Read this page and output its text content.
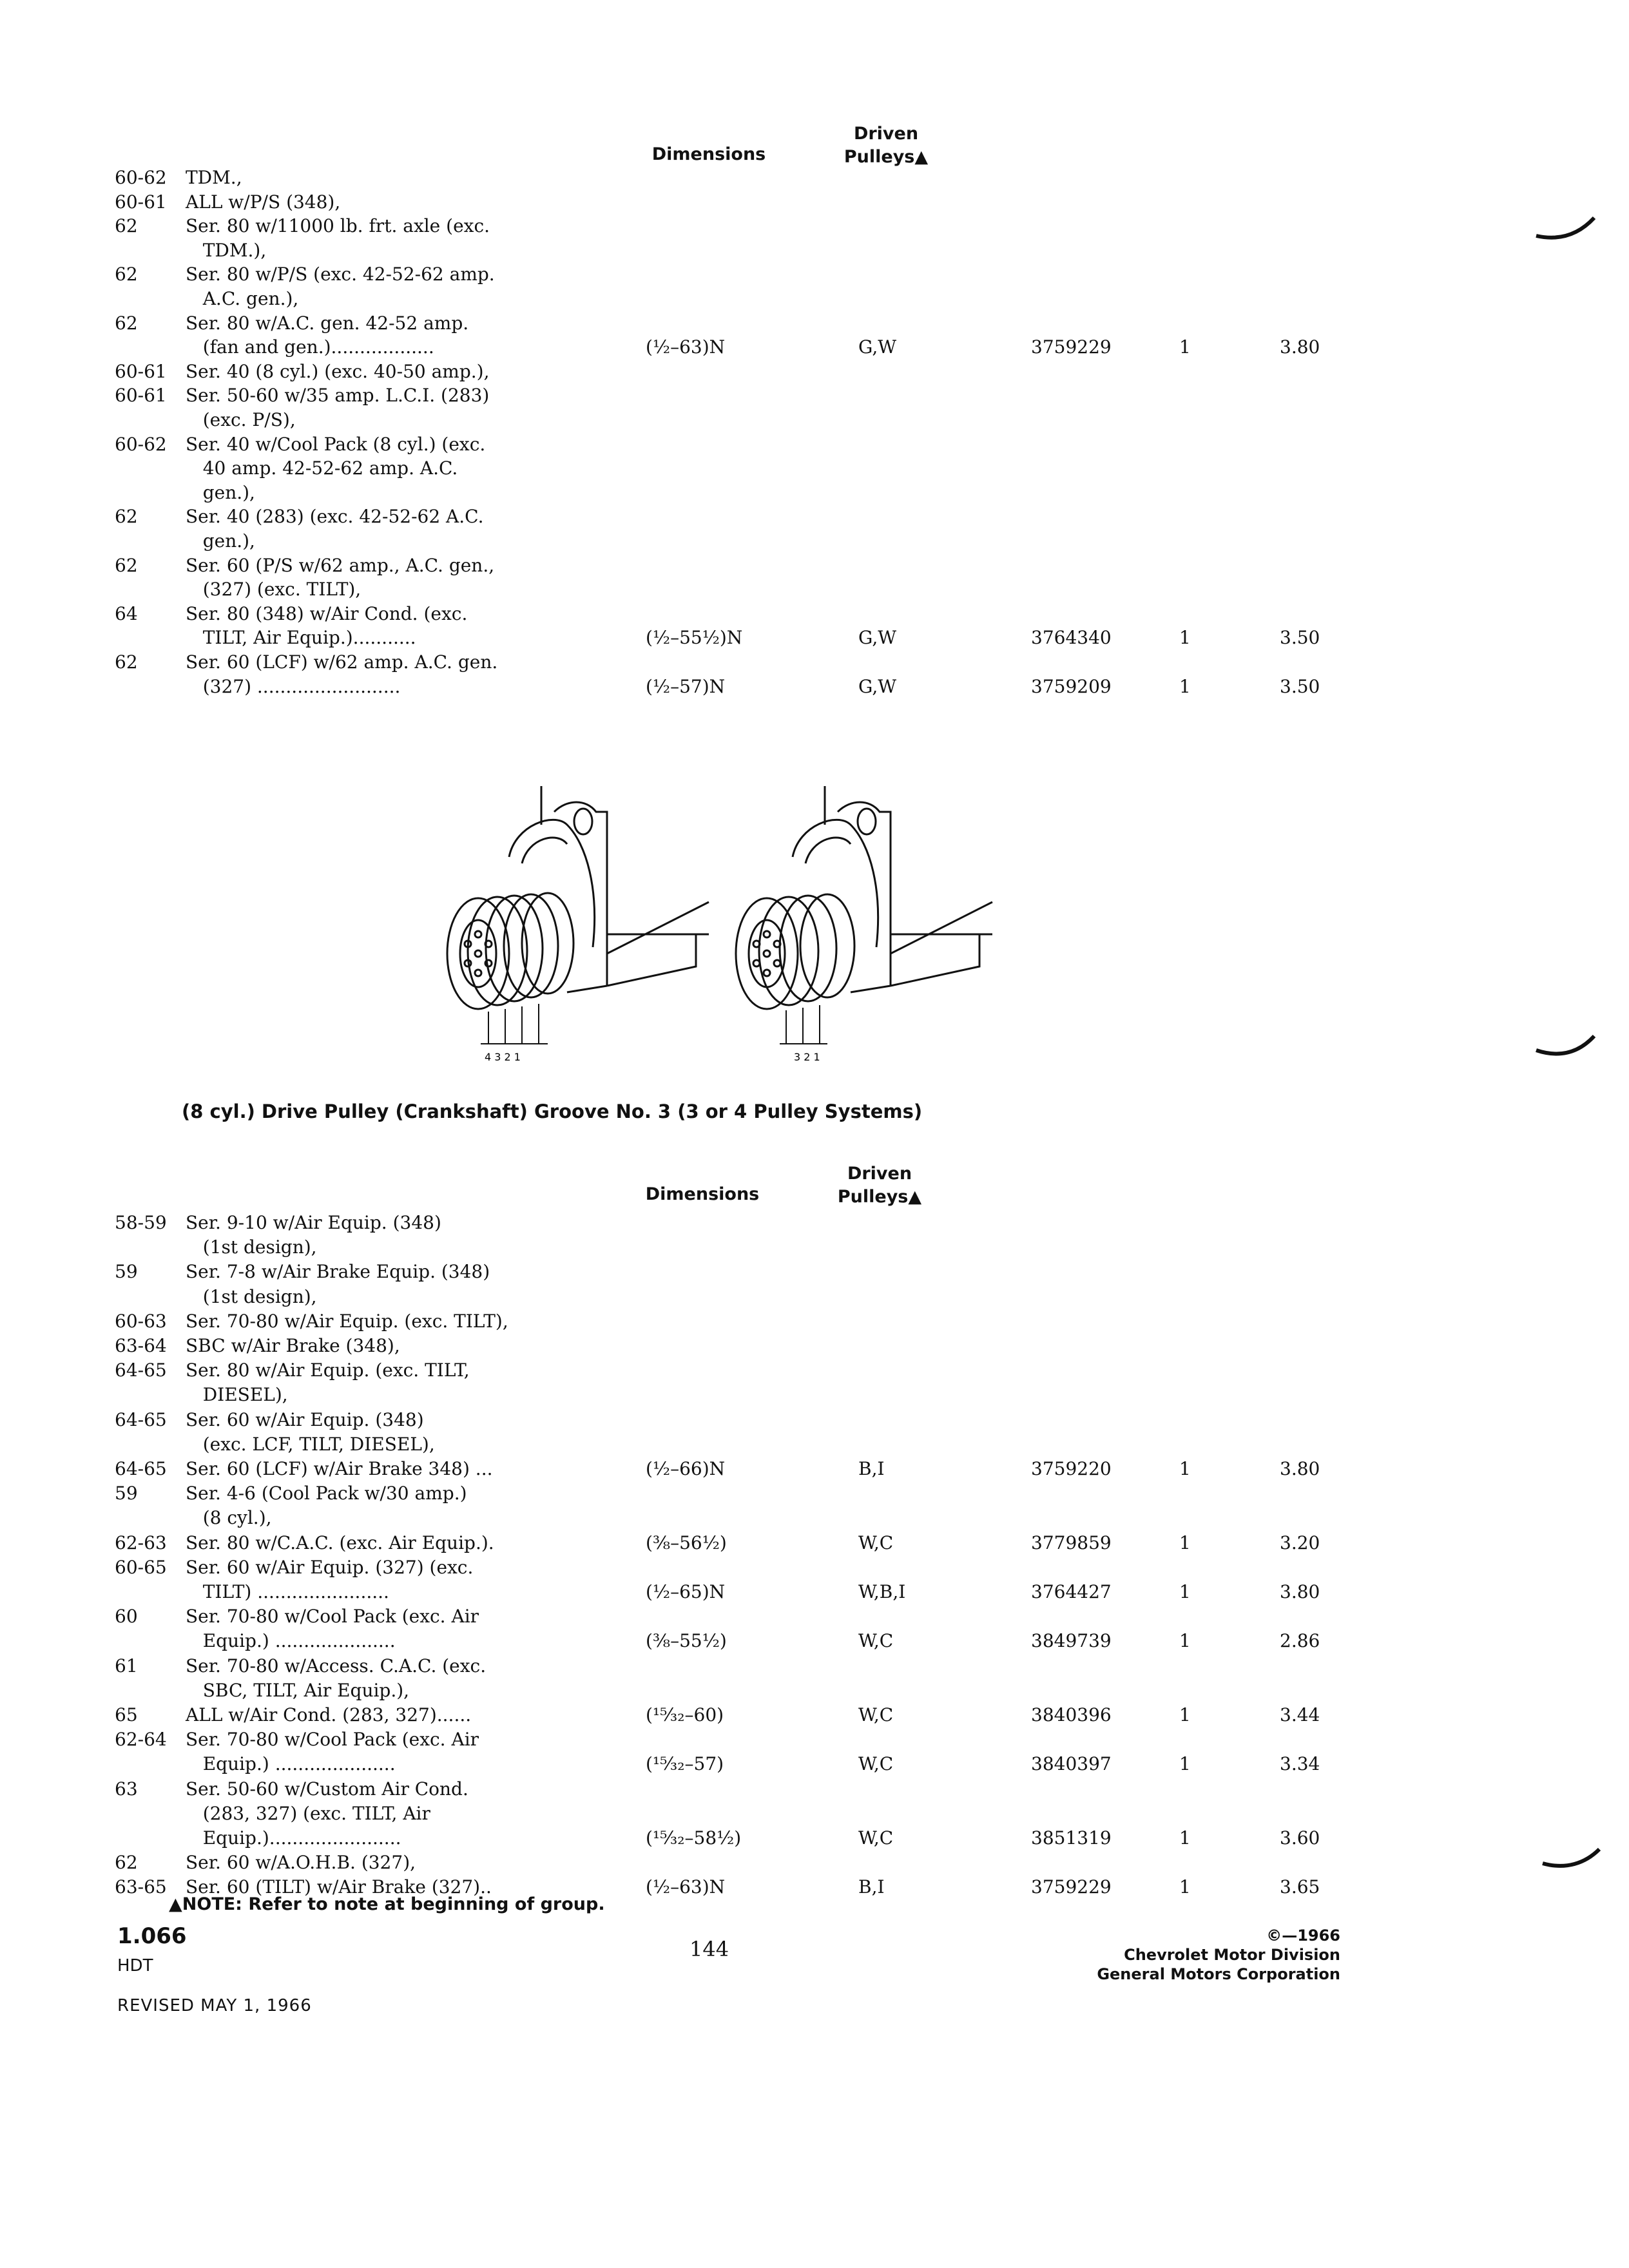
Dimensions
Driven
Pulleys▲
60-62 TDM.,
60-61 ALL w/P/S (348),
62	Ser. 80 w/11000 lb. frt. axle (exc.
TDM.),
62	Ser. 80 w/P/S (exc. 42-52-62 amp.
A.C. gen.),
62	Ser. 80 w/A.C. gen. 42-52 amp.
(fan and gen.)..................	(½–63)N	G,W	3759229	1	3.80
60-61 Ser. 40 (8 cyl.) (exc. 40-50 amp.),
60-61 Ser. 50-60 w/35 amp. L.C.I. (283)
(exc. P/S),
60-62 Ser. 40 w/Cool Pack (8 cyl.) (exc.
40 amp. 42-52-62 amp. A.C.
gen.),
62	Ser. 40 (283) (exc. 42-52-62 A.C.
gen.),
62	Ser. 60 (P/S w/62 amp., A.C. gen.,
(327) (exc. TILT),
64	Ser. 80 (348) w/Air Cond. (exc.
TILT, Air Equip.)...........	(½–55½)N	G,W	3764340	1	3.50
62	Ser. 60 (LCF) w/62 amp. A.C. gen.
(327) .........................	(½–57)N	G,W	3759209	1	3.50
4 3 2 1	3 2 1
(8 cyl.) Drive Pulley (Crankshaft) Groove No. 3 (3 or 4 Pulley Systems)
Dimensions
Driven
Pulleys▲
58-59 Ser. 9-10 w/Air Equip. (348)
(1st design),
59	Ser. 7-8 w/Air Brake Equip. (348)
(1st design),
60-63 Ser. 70-80 w/Air Equip. (exc. TILT),
63-64 SBC w/Air Brake (348),
64-65 Ser. 80 w/Air Equip. (exc. TILT,
DIESEL),
64-65 Ser. 60 w/Air Equip. (348)
(exc. LCF, TILT, DIESEL),
64-65 Ser. 60 (LCF) w/Air Brake 348) ...	(½–66)N	B,I	3759220	1	3.80
59	Ser. 4-6 (Cool Pack w/30 amp.)
(8 cyl.),
62-63 Ser. 80 w/C.A.C. (exc. Air Equip.).	(⅜–56½)	W,C	3779859	1	3.20
60-65 Ser. 60 w/Air Equip. (327) (exc.
TILT) .......................	(½–65)N	W,B,I	3764427	1	3.80
60	Ser. 70-80 w/Cool Pack (exc. Air
Equip.) .....................	(⅜–55½)	W,C	3849739	1	2.86
61	Ser. 70-80 w/Access. C.A.C. (exc.
SBC, TILT, Air Equip.),
65	ALL w/Air Cond. (283, 327)......	(¹⁵⁄₃₂–60)	W,C	3840396	1	3.44
62-64 Ser. 70-80 w/Cool Pack (exc. Air
Equip.) .....................	(¹⁵⁄₃₂–57)	W,C	3840397	1	3.34
63	Ser. 50-60 w/Custom Air Cond.
(283, 327) (exc. TILT, Air
Equip.).......................	(¹⁵⁄₃₂–58½)	W,C	3851319	1	3.60
62	Ser. 60 w/A.O.H.B. (327),
63-65 Ser. 60 (TILT) w/Air Brake (327)..	(½–63)N	B,I	3759229	1	3.65
▲NOTE: Refer to note at beginning of group.
1.066
HDT
REVISED MAY 1, 1966
144
©—1966
Chevrolet Motor Division
General Motors Corporation
